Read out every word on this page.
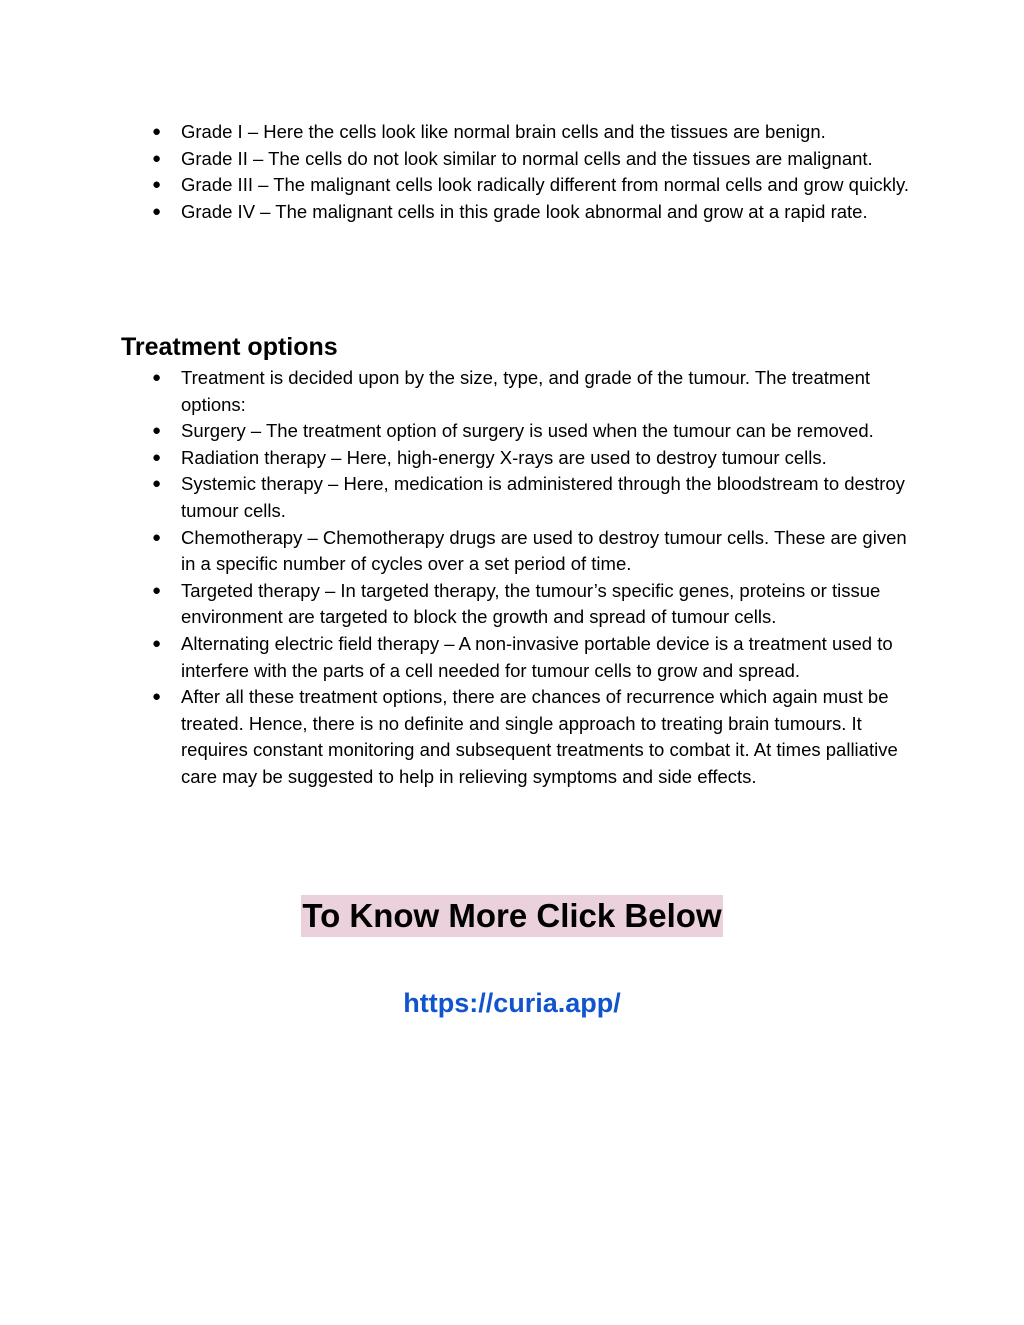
● Grade I – Here the cells look like normal brain cells and the tissues are benign.
● Grade II – The cells do not look similar to normal cells and the tissues are malignant.
● Grade III – The malignant cells look radically different from normal cells and grow quickly.
● Grade IV – The malignant cells in this grade look abnormal and grow at a rapid rate.
Treatment options
● Treatment is decided upon by the size, type, and grade of the tumour. The treatment options:
● Surgery – The treatment option of surgery is used when the tumour can be removed.
● Radiation therapy – Here, high-energy X-rays are used to destroy tumour cells.
● Systemic therapy – Here, medication is administered through the bloodstream to destroy tumour cells.
● Chemotherapy – Chemotherapy drugs are used to destroy tumour cells. These are given in a specific number of cycles over a set period of time.
● Targeted therapy – In targeted therapy, the tumour’s specific genes, proteins or tissue environment are targeted to block the growth and spread of tumour cells.
● Alternating electric field therapy – A non-invasive portable device is a treatment used to interfere with the parts of a cell needed for tumour cells to grow and spread.
● After all these treatment options, there are chances of recurrence which again must be treated. Hence, there is no definite and single approach to treating brain tumours. It requires constant monitoring and subsequent treatments to combat it. At times palliative care may be suggested to help in relieving symptoms and side effects.
To Know More Click Below
https://curia.app/
